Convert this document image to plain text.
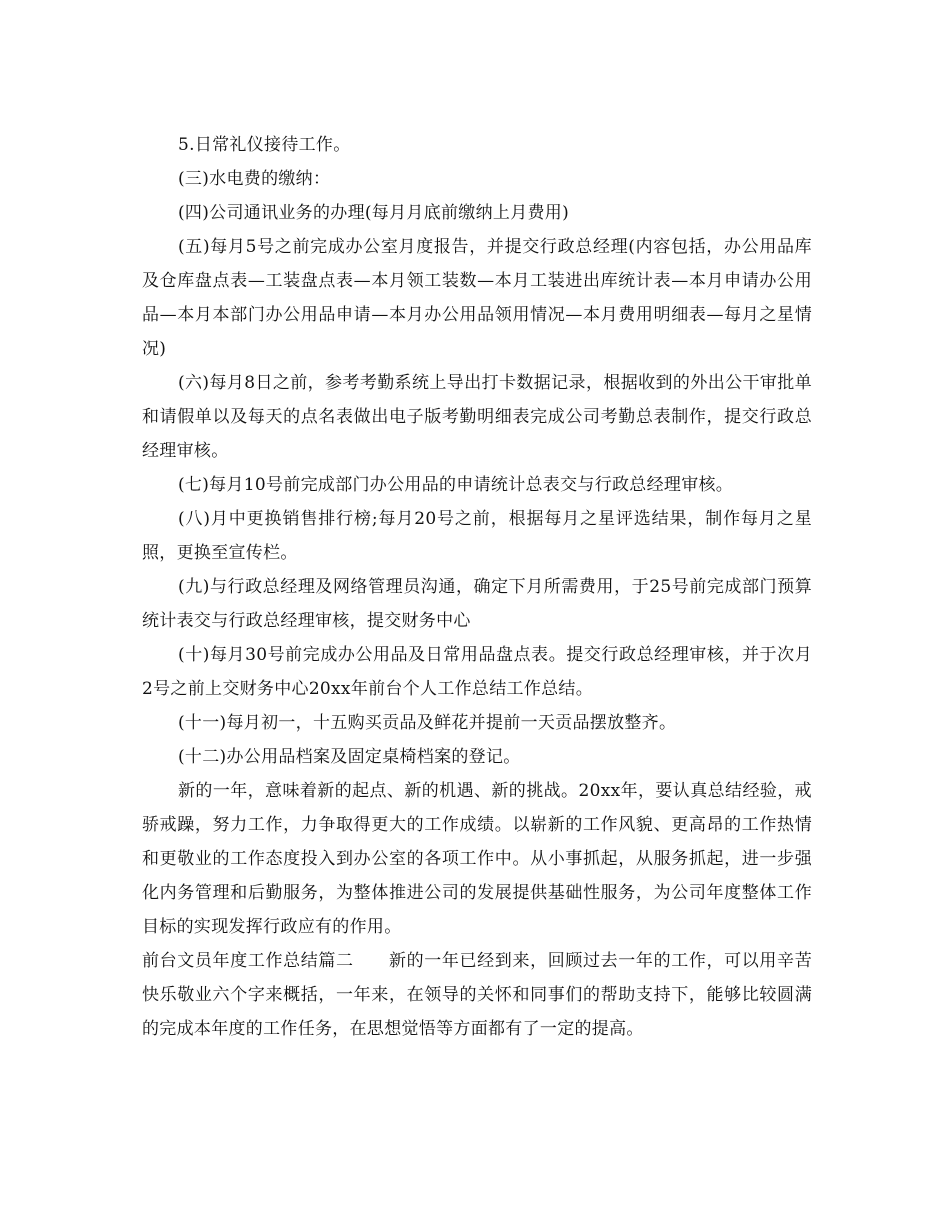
5.日常礼仪接待工作。

(三)水电费的缴纳：

(四)公司通讯业务的办理(每月月底前缴纳上月费用)

(五)每月5号之前完成办公室月度报告，并提交行政总经理(内容包括，办公用品库及仓库盘点表—工装盘点表—本月领工装数—本月工装进出库统计表—本月申请办公用品—本月本部门办公用品申请—本月办公用品领用情况—本月费用明细表—每月之星情况)

(六)每月8日之前，参考考勤系统上导出打卡数据记录，根据收到的外出公干审批单和请假单以及每天的点名表做出电子版考勤明细表完成公司考勤总表制作，提交行政总经理审核。

(七)每月10号前完成部门办公用品的申请统计总表交与行政总经理审核。

(八)月中更换销售排行榜;每月20号之前，根据每月之星评选结果，制作每月之星照，更换至宣传栏。

(九)与行政总经理及网络管理员沟通，确定下月所需费用，于25号前完成部门预算统计表交与行政总经理审核，提交财务中心

(十)每月30号前完成办公用品及日常用品盘点表。提交行政总经理审核，并于次月2号之前上交财务中心20xx年前台个人工作总结工作总结。

(十一)每月初一，十五购买贡品及鲜花并提前一天贡品摆放整齐。

(十二)办公用品档案及固定桌椅档案的登记。

新的一年，意味着新的起点、新的机遇、新的挑战。20xx年，要认真总结经验，戒骄戒躁，努力工作，力争取得更大的工作成绩。以崭新的工作风貌、更高昂的工作热情和更敬业的工作态度投入到办公室的各项工作中。从小事抓起，从服务抓起，进一步强化内务管理和后勤服务，为整体推进公司的发展提供基础性服务，为公司年度整体工作目标的实现发挥行政应有的作用。

前台文员年度工作总结篇二　　新的一年已经到来，回顾过去一年的工作，可以用辛苦快乐敬业六个字来概括，一年来，在领导的关怀和同事们的帮助支持下，能够比较圆满的完成本年度的工作任务，在思想觉悟等方面都有了一定的提高。
